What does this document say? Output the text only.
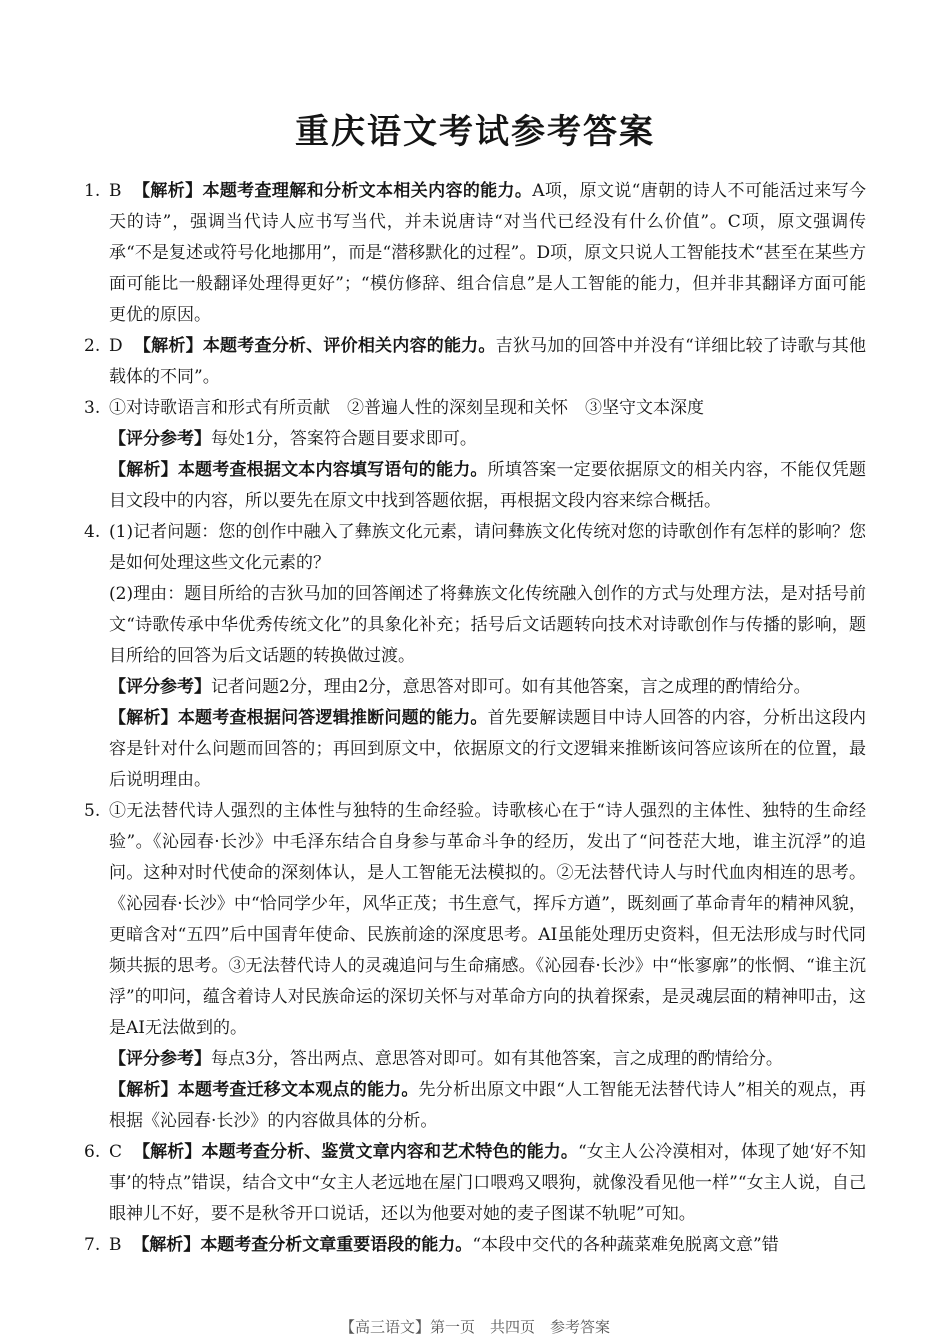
重庆语文考试参考答案
1. B 【解析】本题考查理解和分析文本相关内容的能力。A项，原文说“唐朝的诗人不可能活过来写今天的诗”，强调当代诗人应书写当代，并未说唐诗“对当代已经没有什么价值”。C项，原文强调传承“不是复述或符号化地挪用”，而是“潜移默化的过程”。D项，原文只说人工智能技术“甚至在某些方面可能比一般翻译处理得更好”；“模仿修辞、组合信息”是人工智能的能力，但并非其翻译方面可能更优的原因。
2. D 【解析】本题考查分析、评价相关内容的能力。吉狄马加的回答中并没有“详细比较了诗歌与其他载体的不同”。
3. ①对诗歌语言和形式有所贡献　②普遍人性的深刻呈现和关怀　③坚守文本深度
【评分参考】每处1分，答案符合题目要求即可。
【解析】本题考查根据文本内容填写语句的能力。所填答案一定要依据原文的相关内容，不能仅凭题目文段中的内容，所以要先在原文中找到答题依据，再根据文段内容来综合概括。
4. (1)记者问题：您的创作中融入了彝族文化元素，请问彝族文化传统对您的诗歌创作有怎样的影响？您是如何处理这些文化元素的？
(2)理由：题目所给的吉狄马加的回答阐述了将彝族文化传统融入创作的方式与处理方法，是对括号前文“诗歌传承中华优秀传统文化”的具象化补充；括号后文话题转向技术对诗歌创作与传播的影响，题目所给的回答为后文话题的转换做过渡。
【评分参考】记者问题2分，理由2分，意思答对即可。如有其他答案，言之成理的酌情给分。
【解析】本题考查根据问答逻辑推断问题的能力。首先要解读题目中诗人回答的内容，分析出这段内容是针对什么问题而回答的；再回到原文中，依据原文的行文逻辑来推断该问答应该所在的位置，最后说明理由。
5. ①无法替代诗人强烈的主体性与独特的生命经验。诗歌核心在于“诗人强烈的主体性、独特的生命经验”。《沁园春·长沙》中毛泽东结合自身参与革命斗争的经历，发出了“问苍茫大地，谁主沉浮”的追问。这种对时代使命的深刻体认，是人工智能无法模拟的。②无法替代诗人与时代血肉相连的思考。《沁园春·长沙》中“恰同学少年，风华正茂；书生意气，挥斥方遒”，既刻画了革命青年的精神风貌，更暗含对“五四”后中国青年使命、民族前途的深度思考。AI虽能处理历史资料，但无法形成与时代同频共振的思考。③无法替代诗人的灵魂追问与生命痛感。《沁园春·长沙》中“怅寥廓”的怅惘、“谁主沉浮”的叩问，蕴含着诗人对民族命运的深切关怀与对革命方向的执着探索，是灵魂层面的精神叩击，这是AI无法做到的。
【评分参考】每点3分，答出两点、意思答对即可。如有其他答案，言之成理的酌情给分。
【解析】本题考查迁移文本观点的能力。先分析出原文中跟“人工智能无法替代诗人”相关的观点，再根据《沁园春·长沙》的内容做具体的分析。
6. C 【解析】本题考查分析、鉴赏文章内容和艺术特色的能力。“女主人公冷漠相对，体现了她‘好不知事’的特点”错误，结合文中“女主人老远地在屋门口喂鸡又喂狗，就像没看见他一样”“女主人说，自己眼神儿不好，要不是秋爷开口说话，还以为他要对她的麦子图谋不轨呢”可知。
7. B 【解析】本题考查分析文章重要语段的能力。“本段中交代的各种蔬菜难免脱离文意”错
【高三语文】第一页　共四页　参考答案
